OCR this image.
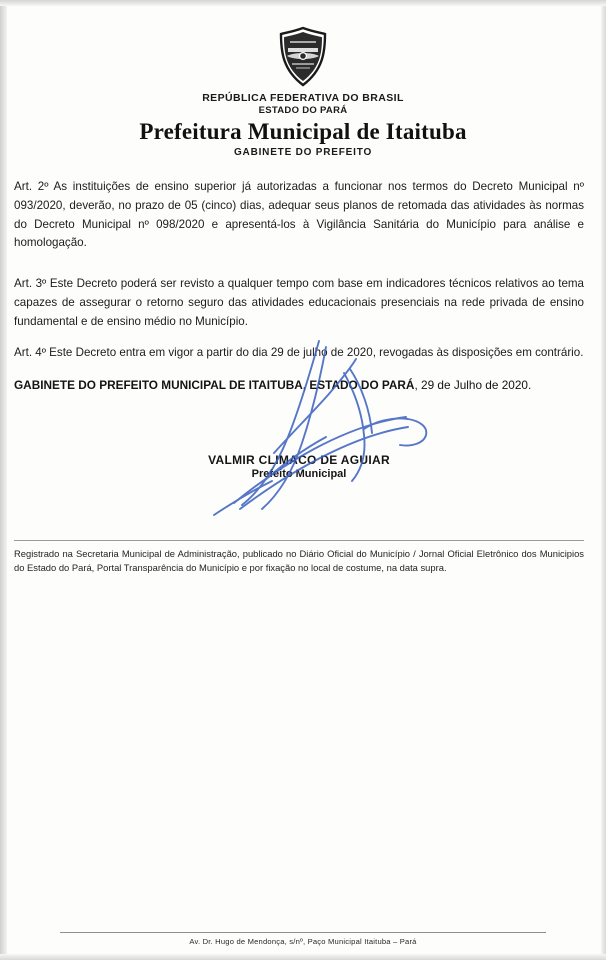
REPÚBLICA FEDERATIVA DO BRASIL

ESTADO DO PARÁ

Prefeitura Municipal de Itaituba

GABINETE DO PREFEITO

Art. 2º As instituições de ensino superior já autorizadas a funcionar nos termos do Decreto Municipal nº 093/2020, deverão, no prazo de 05 (cinco) dias, adequar seus planos de retomada das atividades às normas do Decreto Municipal nº 098/2020 e apresentá-los à Vigilância Sanitária do Município para análise e homologação.

Art. 3º Este Decreto poderá ser revisto a qualquer tempo com base em indicadores técnicos relativos ao tema capazes de assegurar o retorno seguro das atividades educacionais presenciais na rede privada de ensino fundamental e de ensino médio no Município.

Art. 4º Este Decreto entra em vigor a partir do dia 29 de julho de 2020, revogadas às disposições em contrário.

GABINETE DO PREFEITO MUNICIPAL DE ITAITUBA, ESTADO DO PARÁ, 29 de Julho de 2020.

VALMIR CLIMACO DE AGUIAR

Prefeito Municipal

Registrado na Secretaria Municipal de Administração, publicado no Diário Oficial do Município / Jornal Oficial Eletrônico dos Municipios do Estado do Pará, Portal Transparência do Município e por fixação no local de costume, na data supra.

Av. Dr. Hugo de Mendonça, s/nº, Paço Municipal Itaituba – Pará
